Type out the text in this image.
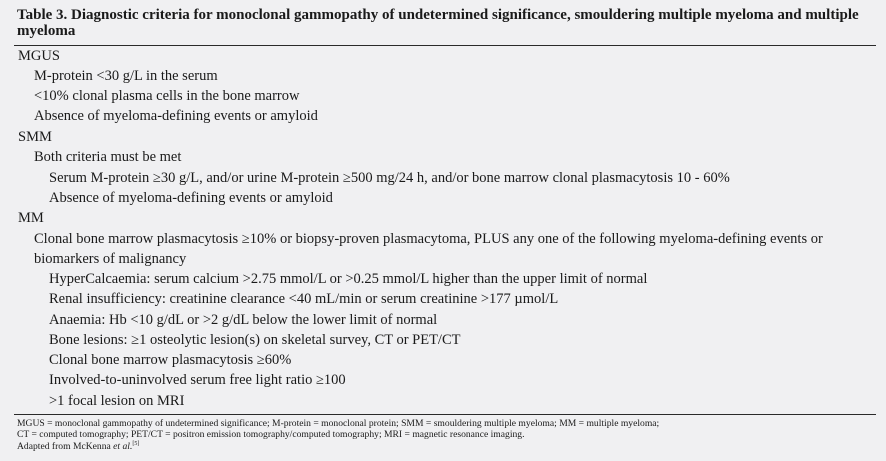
Table 3. Diagnostic criteria for monoclonal gammopathy of undetermined significance, smouldering multiple myeloma and multiple myeloma
MGUS
M-protein <30 g/L in the serum
<10% clonal plasma cells in the bone marrow
Absence of myeloma-defining events or amyloid
SMM
Both criteria must be met
Serum M-protein ≥30 g/L, and/or urine M-protein ≥500 mg/24 h, and/or bone marrow clonal plasmacytosis 10 - 60%
Absence of myeloma-defining events or amyloid
MM
Clonal bone marrow plasmacytosis ≥10% or biopsy-proven plasmacytoma, PLUS any one of the following myeloma-defining events or
biomarkers of malignancy
HyperCalcaemia: serum calcium >2.75 mmol/L or >0.25 mmol/L higher than the upper limit of normal
Renal insufficiency: creatinine clearance <40 mL/min or serum creatinine >177 µmol/L
Anaemia: Hb <10 g/dL or >2 g/dL below the lower limit of normal
Bone lesions: ≥1 osteolytic lesion(s) on skeletal survey, CT or PET/CT
Clonal bone marrow plasmacytosis ≥60%
Involved-to-uninvolved serum free light ratio ≥100
>1 focal lesion on MRI
MGUS = monoclonal gammopathy of undetermined significance; M-protein = monoclonal protein; SMM = smouldering multiple myeloma; MM = multiple myeloma;
CT = computed tomography; PET/CT = positron emission tomography/computed tomography; MRI = magnetic resonance imaging.
Adapted from McKenna et al.[5]
